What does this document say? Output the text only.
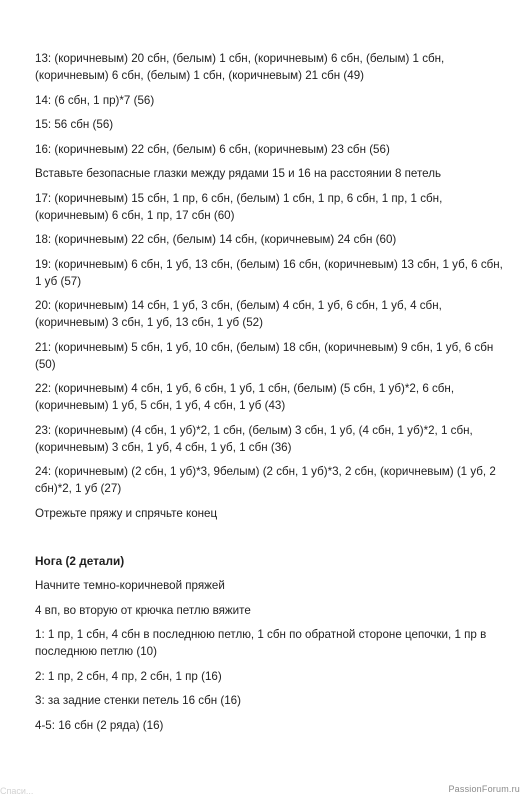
13: (коричневым) 20 сбн, (белым) 1 сбн, (коричневым) 6 сбн, (белым) 1 сбн, (коричневым) 6 сбн, (белым) 1 сбн, (коричневым) 21 сбн (49)

14: (6 сбн, 1 пр)*7 (56)

15: 56 сбн (56)

16: (коричневым) 22 сбн, (белым) 6 сбн, (коричневым) 23 сбн (56)

Вставьте безопасные глазки между рядами 15 и 16 на расстоянии 8 петель

17: (коричневым) 15 сбн, 1 пр, 6 сбн, (белым) 1 сбн, 1 пр, 6 сбн, 1 пр, 1 сбн, (коричневым) 6 сбн, 1 пр, 17 сбн (60)

18: (коричневым) 22 сбн, (белым) 14 сбн, (коричневым) 24 сбн (60)

19: (коричневым) 6 сбн, 1 уб, 13 сбн, (белым) 16 сбн, (коричневым) 13 сбн, 1 уб, 6 сбн, 1 уб (57)

20: (коричневым) 14 сбн, 1 уб, 3 сбн, (белым) 4 сбн, 1 уб, 6 сбн, 1 уб, 4 сбн, (коричневым) 3 сбн, 1 уб, 13 сбн, 1 уб (52)

21: (коричневым) 5 сбн, 1 уб, 10 сбн, (белым) 18 сбн, (коричневым) 9 сбн, 1 уб, 6 сбн (50)

22: (коричневым) 4 сбн, 1 уб, 6 сбн, 1 уб, 1 сбн, (белым) (5 сбн, 1 уб)*2, 6 сбн, (коричневым) 1 уб, 5 сбн, 1 уб, 4 сбн, 1 уб (43)

23: (коричневым) (4 сбн, 1 уб)*2, 1 сбн, (белым) 3 сбн, 1 уб, (4 сбн, 1 уб)*2, 1 сбн, (коричневым) 3 сбн, 1 уб, 4 сбн, 1 уб, 1 сбн (36)

24: (коричневым) (2 сбн, 1 уб)*3, 9белым) (2 сбн, 1 уб)*3, 2 сбн, (коричневым) (1 уб, 2 сбн)*2, 1 уб (27)

Отрежьте пряжу и спрячьте конец

Нога (2 детали)

Начните темно-коричневой пряжей

4 вп, во вторую от крючка петлю вяжите

1: 1 пр, 1 сбн, 4 сбн в последнюю петлю, 1 сбн по обратной стороне цепочки, 1 пр в последнюю петлю (10)

2: 1 пр, 2 сбн, 4 пр, 2 сбн, 1 пр (16)

3: за задние стенки петель 16 сбн (16)

4-5: 16 сбн (2 ряда) (16)

Спаси...	PassionForum.ru
